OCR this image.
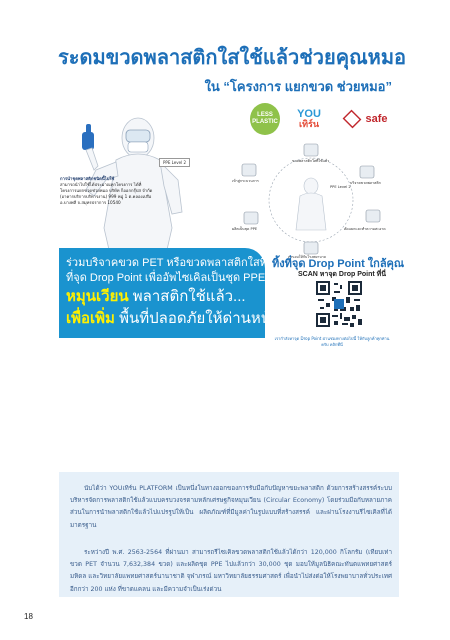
ระดมขวดพลาสติกใสใช้แล้วช่วยคุณหมอ
ใน “โครงการ แยกขวด ช่วยหมอ”
LESS
PLASTIC
YOU
เทิร์น	safe
PPE Level 2
การนำชุดพลาสติกชนิดนี้ไปใช้
สามารถนำไปใช้ได้ประมาณทุกโครงการ ได้ที่
โครงการแยกขวดช่วยหมอ บริษัท ก็ออกกรุ๊ปส จำกัด
(อาคารบริการบริหารงาน) 999 หมู่ 1 ต.คลองเปรือ
อ.บางพลี จ.สมุทรปราการ 10540
PPE Level 2
ขวดพลาสติกใสที่ใช้แล้ว
บริจาคขวดพลาสติก
คัดแยกและทำความสะอาด
ส่งมอบให้กับโรงพยาบาล
ผลิตเป็นชุด PPE
เข้าสู่กระบวนการ
ร่วมบริจาคขวด PET หรือขวดพลาสติกใสที่ใช้แล้ว
ที่จุด Drop Point เพื่ออัพไซเคิลเป็นชุด PPE
หมุนเวียน พลาสติกใช้แล้ว...
เพื่อเพิ่ม พื้นที่ปลอดภัยให้ด่านหน้า
ทิ้งที่จุด Drop Point ใกล้คุณ
SCAN หาจุด Drop Point ที่นี่
เรากำลังหาจุด Drop Point ผ่านช่องทางต่อไปนี้ ให้กับลูกค้าทุกท่านครับ คลิกที่นี่
นับได้ว่า YOUเทิร์น PLATFORM เป็นหนึ่งในทางออกของการรับมือกับปัญหาขยะพลาสติก ด้วยการสร้างสรรค์ระบบบริหารจัดการพลาสติกใช้แล้วแบบครบวงจรตามหลักเศรษฐกิจหมุนเวียน (Circular Economy) โดยร่วมมือกับหลายภาคส่วนในการนำพลาสติกใช้แล้วไปแปรรูปให้เป็น ผลิตภัณฑ์ที่มีมูลค่าในรูปแบบที่สร้างสรรค์ และผ่านโรงงานรีไซเคิลที่ได้มาตรฐาน
ระหว่างปี พ.ศ. 2563-2564 ที่ผ่านมา สามารถรีไซเคิลขวดพลาสติกใช้แล้วได้กว่า 120,000 กิโลกรัม (เทียบเท่าขวด PET จำนวน 7,632,384 ขวด) และผลิตชุด PPE ไปแล้วกว่า 30,000 ชุด มอบให้มูลนิธิคณะทันตแพทยศาสตร์มหิดล และวิทยาลัยแพทยศาสตร์นานาชาติ จุฬาภรณ์ มหาวิทยาลัยธรรมศาสตร์ เพื่อนำไปส่งต่อให้โรงพยาบาลทั่วประเทศอีกกว่า 200 แห่ง ที่ขาดแคลน และมีความจำเป็นเร่งด่วน
18
